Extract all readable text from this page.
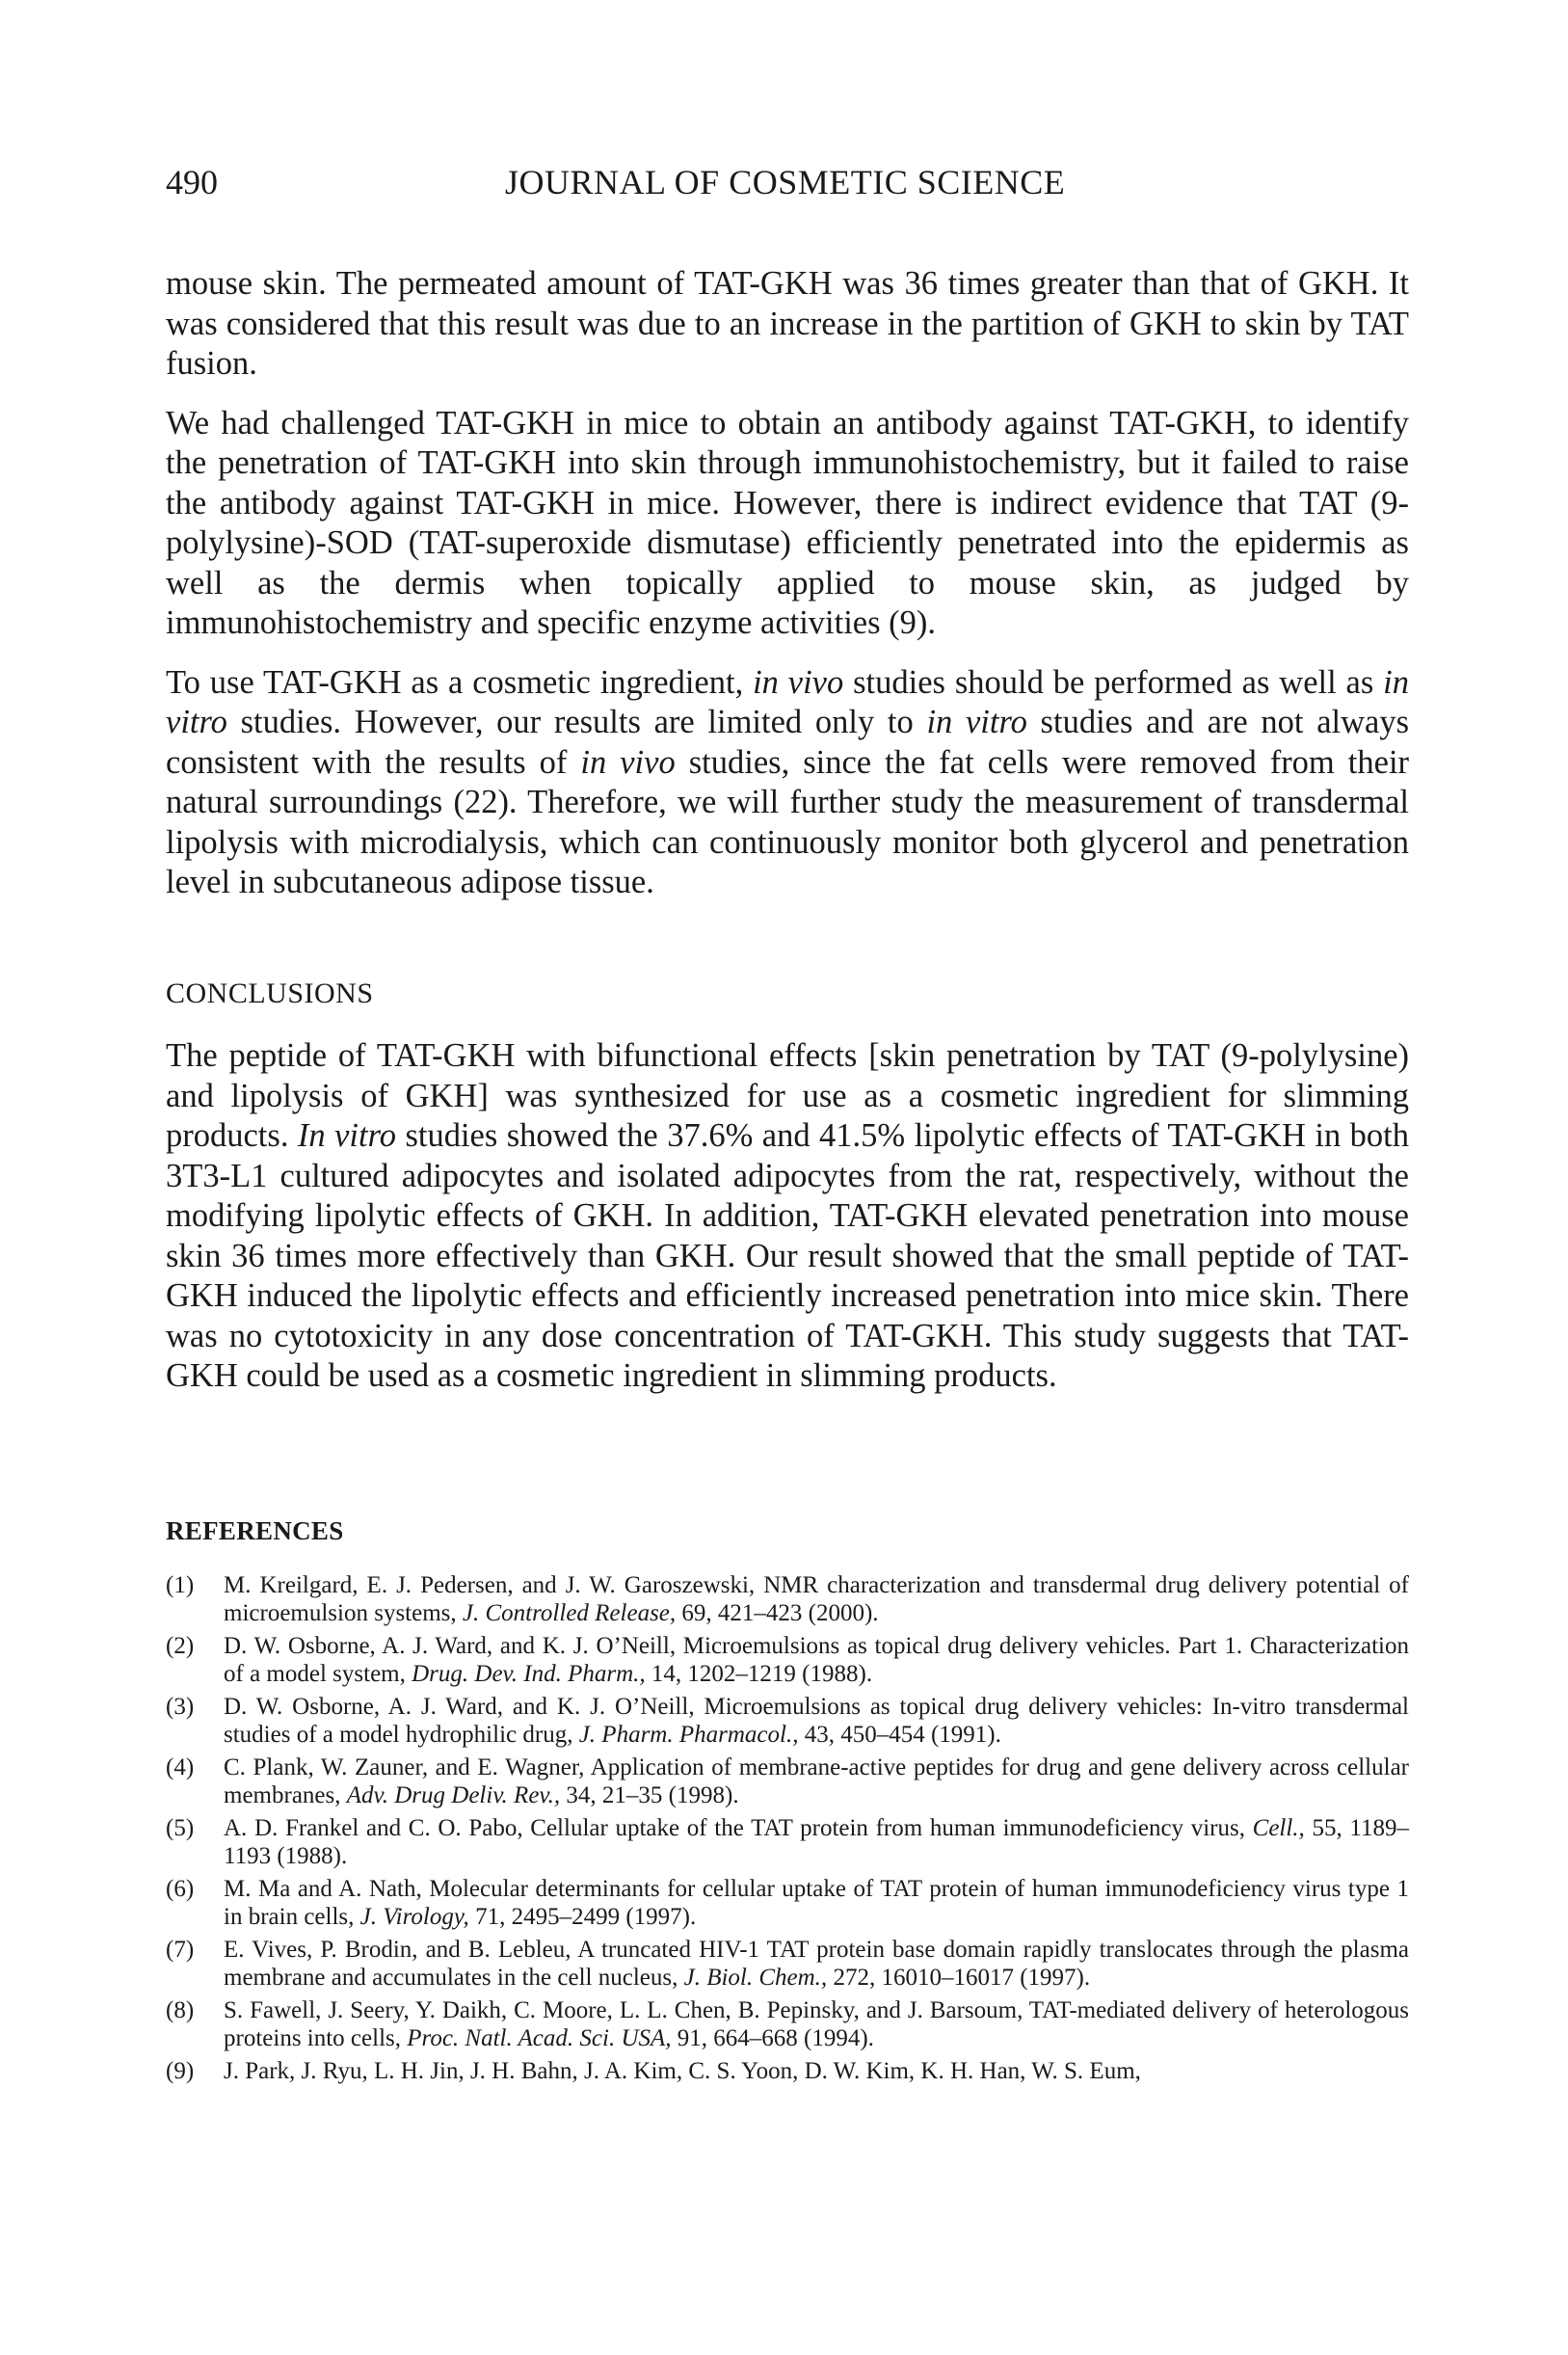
490	JOURNAL OF COSMETIC SCIENCE

mouse skin. The permeated amount of TAT-GKH was 36 times greater than that of GKH. It was considered that this result was due to an increase in the partition of GKH to skin by TAT fusion.

We had challenged TAT-GKH in mice to obtain an antibody against TAT-GKH, to identify the penetration of TAT-GKH into skin through immunohistochemistry, but it failed to raise the antibody against TAT-GKH in mice. However, there is indirect evidence that TAT (9-polylysine)-SOD (TAT-superoxide dismutase) efficiently penetrated into the epidermis as well as the dermis when topically applied to mouse skin, as judged by immunohistochemistry and specific enzyme activities (9).

To use TAT-GKH as a cosmetic ingredient, in vivo studies should be performed as well as in vitro studies. However, our results are limited only to in vitro studies and are not always consistent with the results of in vivo studies, since the fat cells were removed from their natural surroundings (22). Therefore, we will further study the measurement of transdermal lipolysis with microdialysis, which can continuously monitor both glycerol and penetration level in subcutaneous adipose tissue.

CONCLUSIONS

The peptide of TAT-GKH with bifunctional effects [skin penetration by TAT (9-polylysine) and lipolysis of GKH] was synthesized for use as a cosmetic ingredient for slimming products. In vitro studies showed the 37.6% and 41.5% lipolytic effects of TAT-GKH in both 3T3-L1 cultured adipocytes and isolated adipocytes from the rat, respectively, without the modifying lipolytic effects of GKH. In addition, TAT-GKH elevated penetration into mouse skin 36 times more effectively than GKH. Our result showed that the small peptide of TAT-GKH induced the lipolytic effects and efficiently increased penetration into mice skin. There was no cytotoxicity in any dose concentration of TAT-GKH. This study suggests that TAT-GKH could be used as a cosmetic ingredient in slimming products.

REFERENCES
(1) M. Kreilgard, E. J. Pedersen, and J. W. Garoszewski, NMR characterization and transdermal drug delivery potential of microemulsion systems, J. Controlled Release, 69, 421–423 (2000).
(2) D. W. Osborne, A. J. Ward, and K. J. O’Neill, Microemulsions as topical drug delivery vehicles. Part 1. Characterization of a model system, Drug. Dev. Ind. Pharm., 14, 1202–1219 (1988).
(3) D. W. Osborne, A. J. Ward, and K. J. O’Neill, Microemulsions as topical drug delivery vehicles: In-vitro transdermal studies of a model hydrophilic drug, J. Pharm. Pharmacol., 43, 450–454 (1991).
(4) C. Plank, W. Zauner, and E. Wagner, Application of membrane-active peptides for drug and gene delivery across cellular membranes, Adv. Drug Deliv. Rev., 34, 21–35 (1998).
(5) A. D. Frankel and C. O. Pabo, Cellular uptake of the TAT protein from human immunodeficiency virus, Cell., 55, 1189–1193 (1988).
(6) M. Ma and A. Nath, Molecular determinants for cellular uptake of TAT protein of human immunodeficiency virus type 1 in brain cells, J. Virology, 71, 2495–2499 (1997).
(7) E. Vives, P. Brodin, and B. Lebleu, A truncated HIV-1 TAT protein base domain rapidly translocates through the plasma membrane and accumulates in the cell nucleus, J. Biol. Chem., 272, 16010–16017 (1997).
(8) S. Fawell, J. Seery, Y. Daikh, C. Moore, L. L. Chen, B. Pepinsky, and J. Barsoum, TAT-mediated delivery of heterologous proteins into cells, Proc. Natl. Acad. Sci. USA, 91, 664–668 (1994).
(9) J. Park, J. Ryu, L. H. Jin, J. H. Bahn, J. A. Kim, C. S. Yoon, D. W. Kim, K. H. Han, W. S. Eum,
